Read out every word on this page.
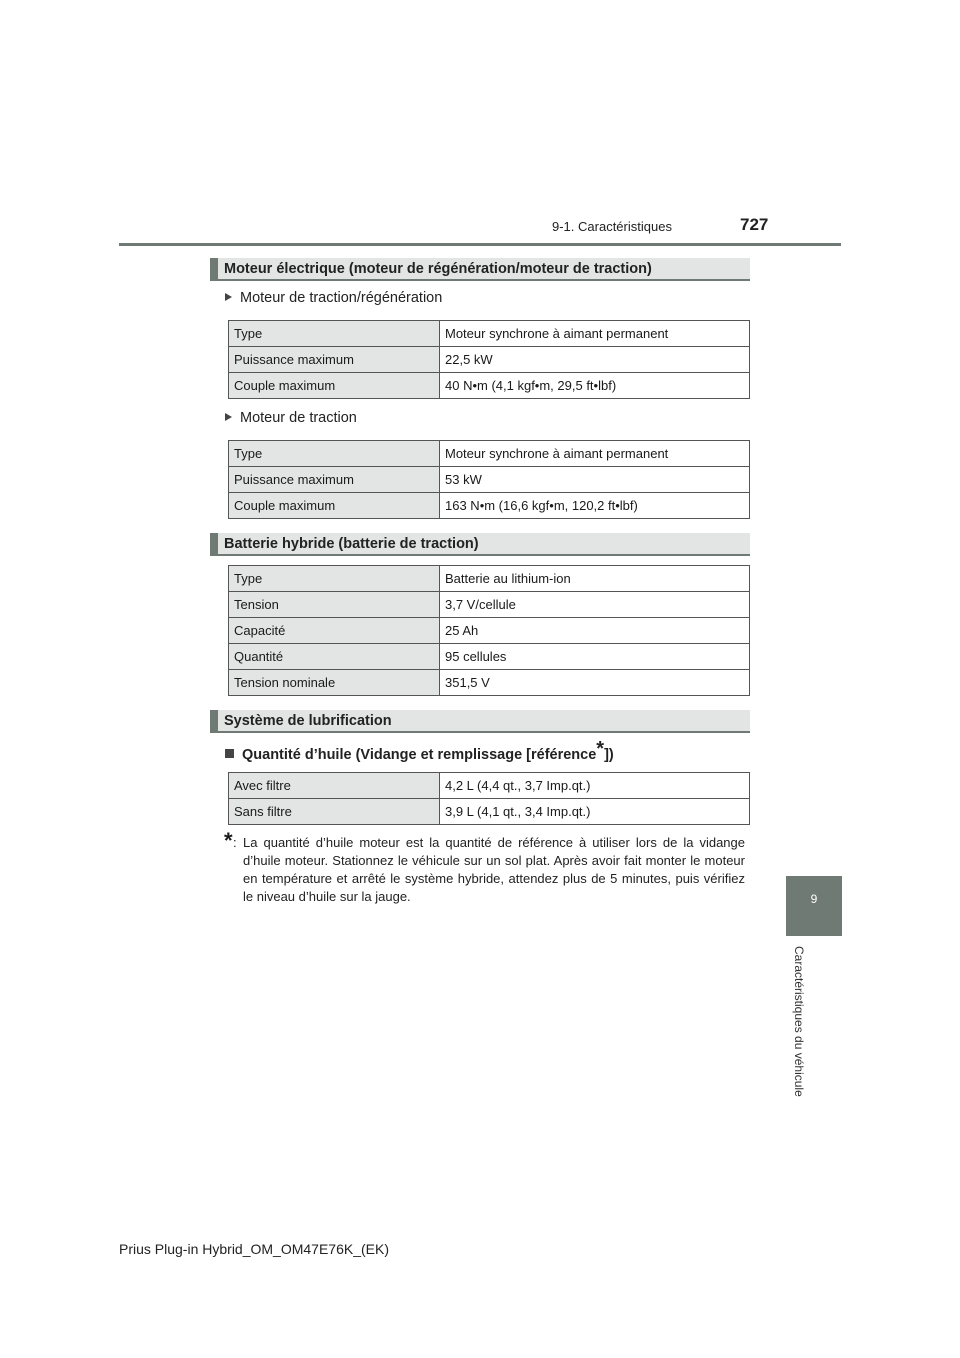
9-1. Caractéristiques	727
9
Caractéristiques du véhicule
Moteur électrique (moteur de régénération/moteur de traction)
Moteur de traction/régénération
Type	Moteur synchrone à aimant permanent
Puissance maximum	22,5 kW
Couple maximum	40 N•m (4,1 kgf•m, 29,5 ft•lbf)
Moteur de traction
Type	Moteur synchrone à aimant permanent
Puissance maximum	53 kW
Couple maximum	163 N•m (16,6 kgf•m, 120,2 ft•lbf)
Batterie hybride (batterie de traction)
Type	Batterie au lithium-ion
Tension	3,7 V/cellule
Capacité	25 Ah
Quantité	95 cellules
Tension nominale	351,5 V
Système de lubrification
Quantité d’huile (Vidange et remplissage [référence*])
Avec filtre	4,2 L (4,4 qt., 3,7 Imp.qt.)
Sans filtre	3,9 L (4,1 qt., 3,4 Imp.qt.)
* : La quantité d’huile moteur est la quantité de référence à utiliser lors de la vidange d’huile moteur. Stationnez le véhicule sur un sol plat. Après avoir fait monter le moteur en température et arrêté le système hybride, attendez plus de 5 minutes, puis vérifiez le niveau d’huile sur la jauge.
Prius Plug-in Hybrid_OM_OM47E76K_(EK)
